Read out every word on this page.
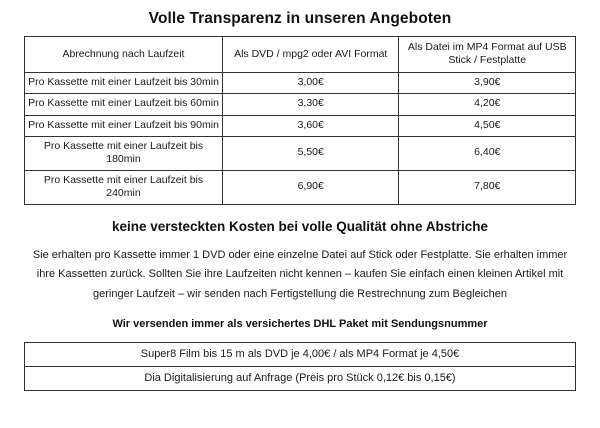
Volle Transparenz in unseren Angeboten
Abrechnung nach Laufzeit	Als DVD / mpg2 oder AVI Format	Als Datei im MP4 Format auf USB Stick / Festplatte
Pro Kassette mit einer Laufzeit bis 30min	3,00€	3,90€
Pro Kassette mit einer Laufzeit bis 60min	3,30€	4,20€
Pro Kassette mit einer Laufzeit bis 90min	3,60€	4,50€
Pro Kassette mit einer Laufzeit bis 180min	5,50€	6,40€
Pro Kassette mit einer Laufzeit bis 240min	6,90€	7,80€
keine versteckten Kosten bei volle Qualität ohne Abstriche
Sie erhalten pro Kassette immer 1 DVD oder eine einzelne Datei auf Stick oder Festplatte. Sie erhalten immer ihre Kassetten zurück. Sollten Sie ihre Laufzeiten nicht kennen – kaufen Sie einfach einen kleinen Artikel mit geringer Laufzeit – wir senden nach Fertigstellung die Restrechnung zum Begleichen
Wir versenden immer als versichertes DHL Paket mit Sendungsnummer
Super8 Film bis 15 m als DVD je 4,00€ / als MP4 Format je 4,50€
Dia Digitalisierung auf Anfrage (Preis pro Stück 0,12€ bis 0,15€)
